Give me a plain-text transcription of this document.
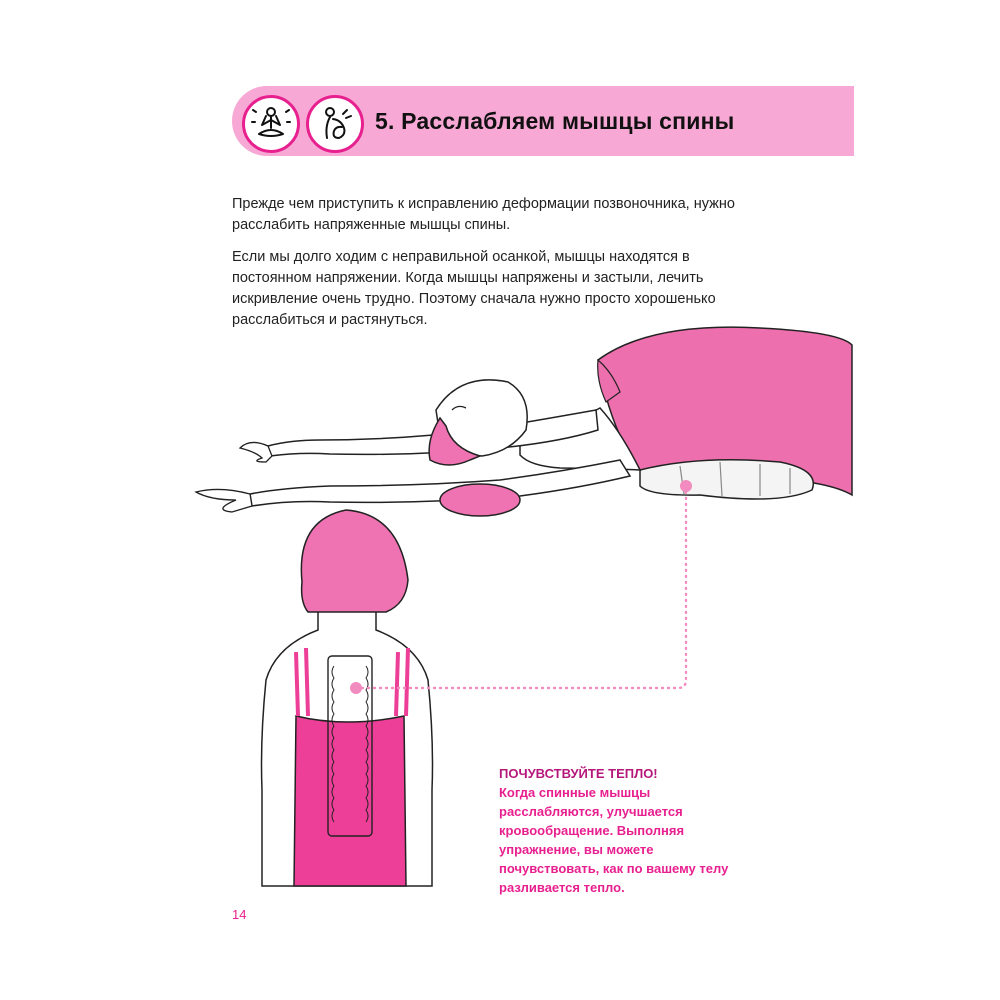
5. Расслабляем мышцы спины

Прежде чем приступить к исправлению деформации позвоночника, нужно расслабить напряженные мышцы спины.

Если мы долго ходим с неправильной осанкой, мышцы находятся в постоянном напряжении. Когда мышцы напряжены и застыли, лечить искривление очень трудно. Поэтому сначала нужно просто хорошенько расслабиться и растянуться.

ПОЧУВСТВУЙТЕ ТЕПЛО!

Когда спинные мышцы расслабляются, улучшается кровообращение. Выполняя упражнение, вы можете почувствовать, как по вашему телу разливается тепло.

14
